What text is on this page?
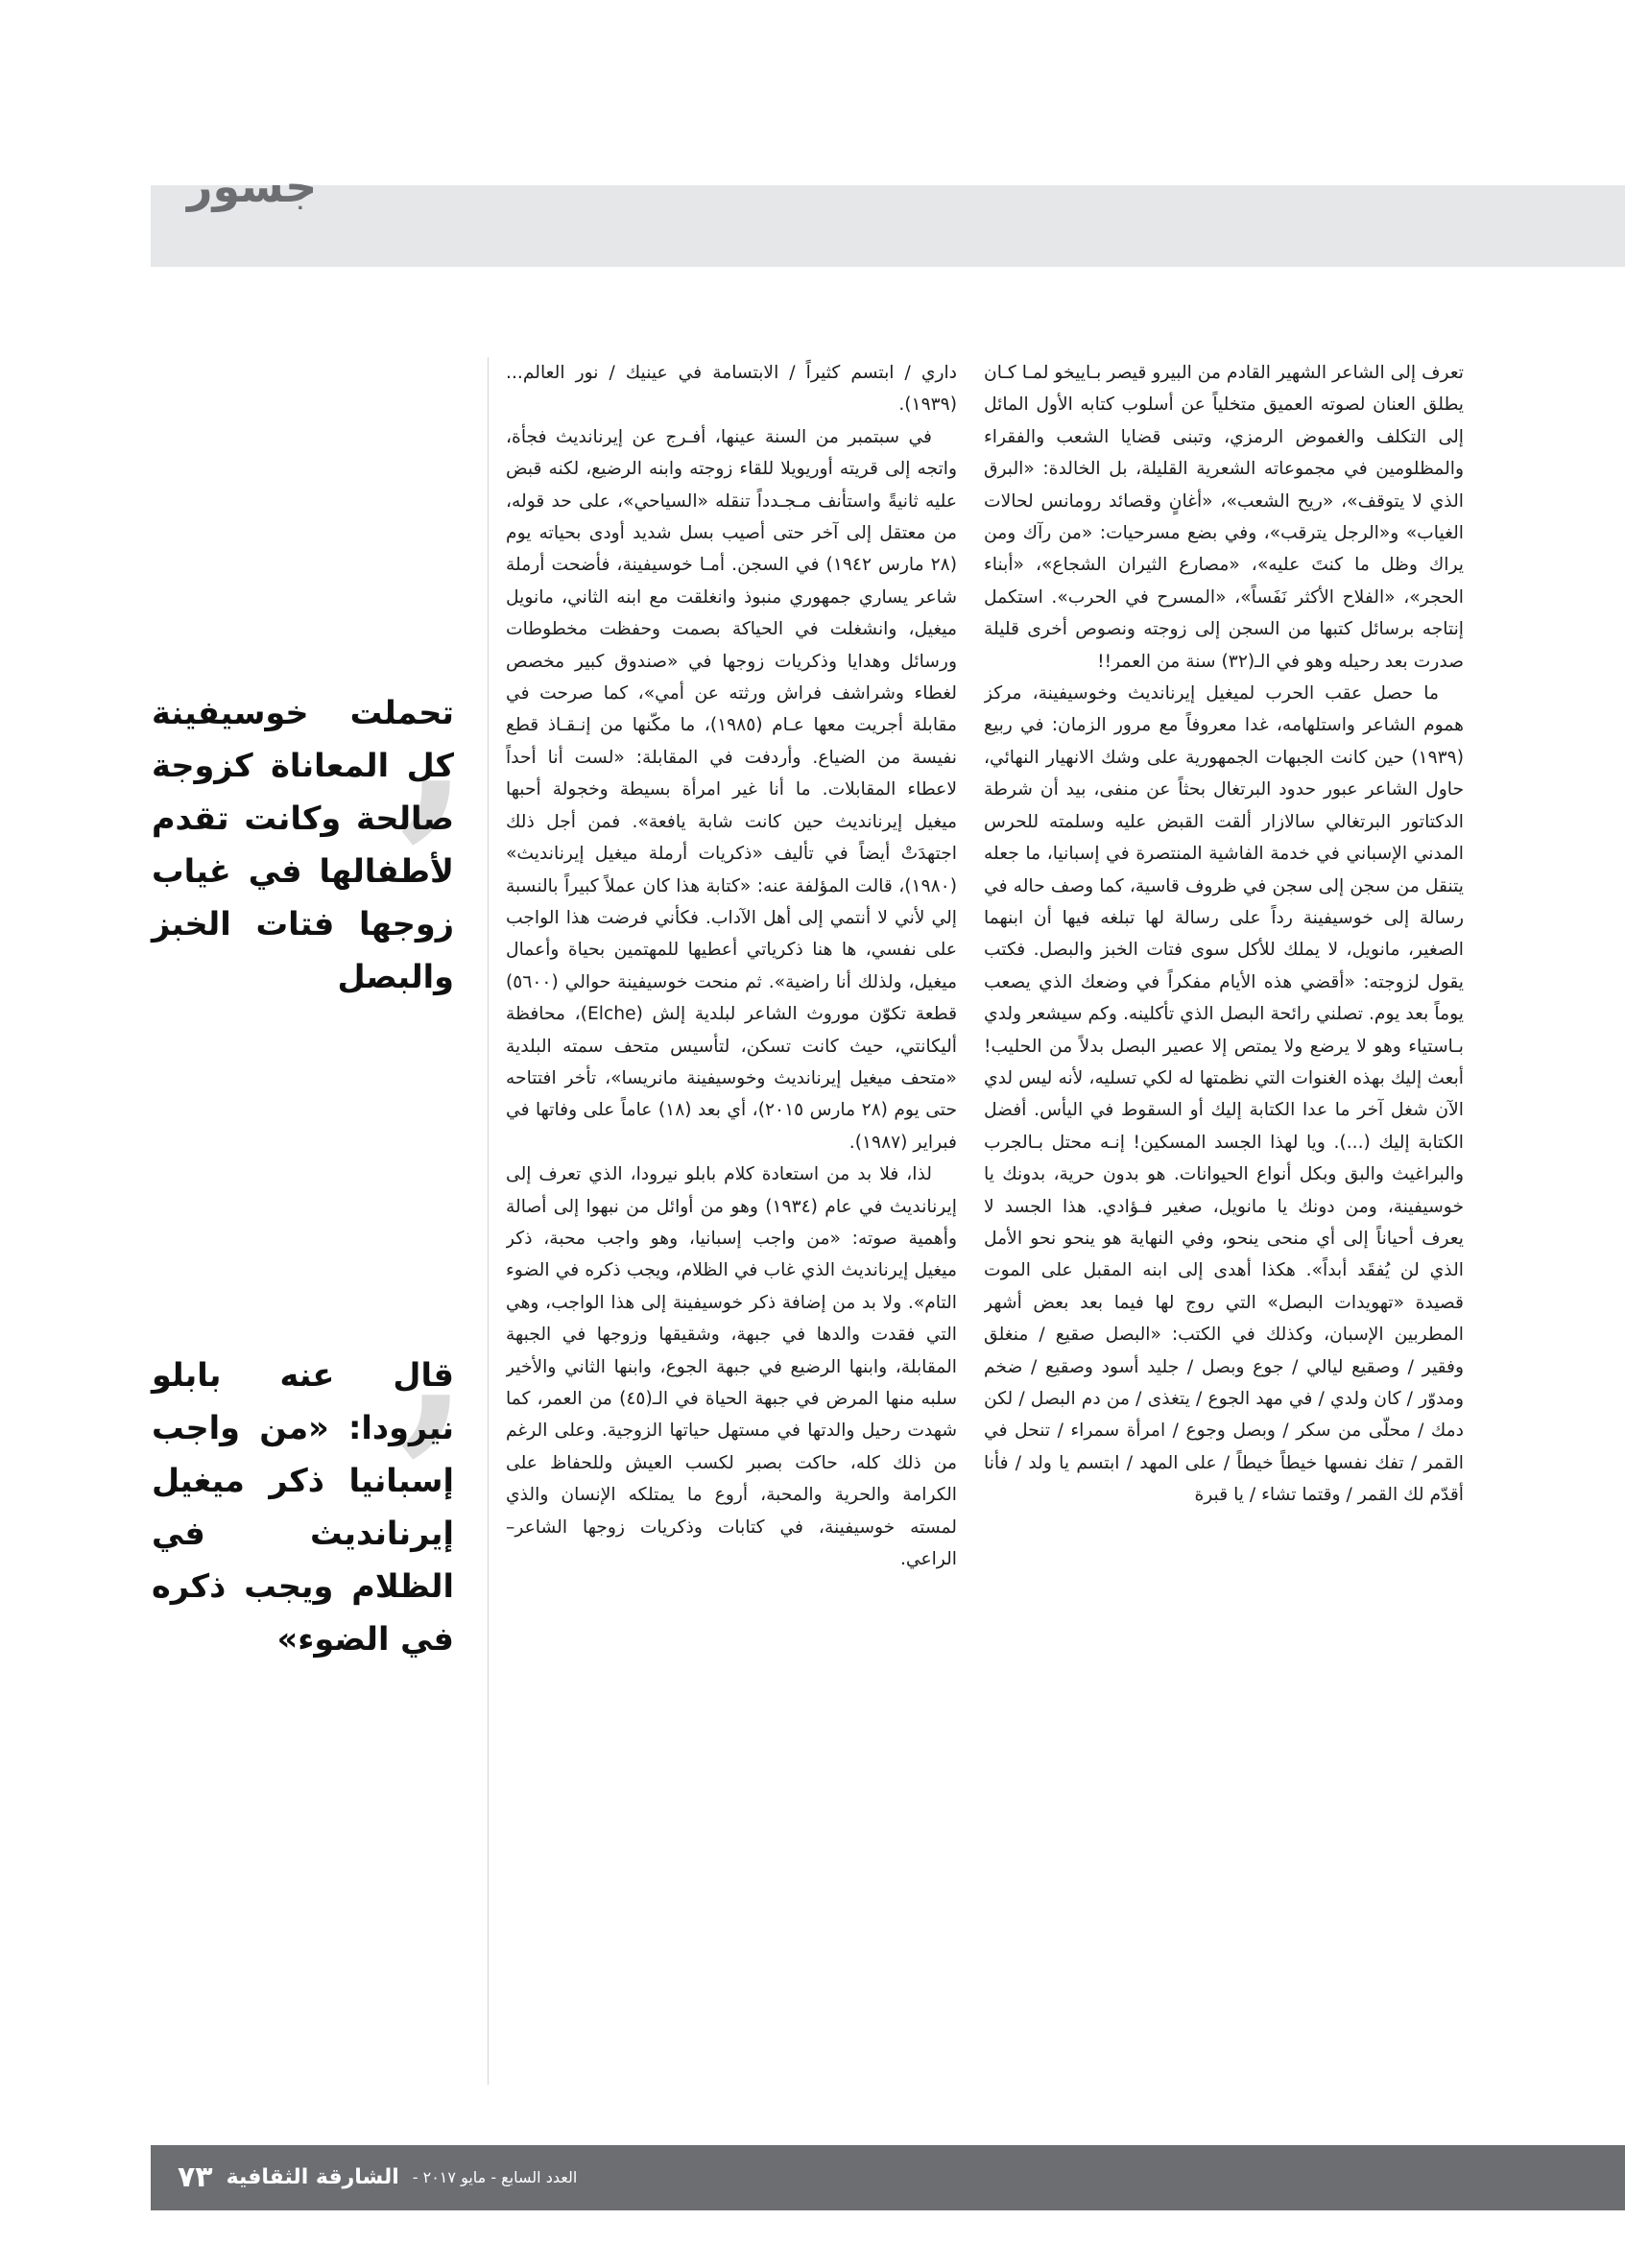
جسور

تعرف إلى الشاعر الشهير القادم من البيرو قيصر بـاييخو لمـا كـان يطلق العنان لصوته العميق متخلياً عن أسلوب كتابه الأول المائل إلى التكلف والغموض الرمزي، وتبنى قضايا الشعب والفقراء والمظلومين في مجموعاته الشعرية القليلة، بل الخالدة: «البرق الذي لا يتوقف»، «ريح الشعب»، «أغانٍ وقصائد رومانس لحالات الغياب» و«الرجل يترقب»، وفي بضع مسرحيات: «من رآك ومن يراك وظل ما كنتَ عليه»، «مصارع الثيران الشجاع»، «أبناء الحجر»، «الفلاح الأكثر نَفَساً»، «المسرح في الحرب». استكمل إنتاجه برسائل كتبها من السجن إلى زوجته ونصوص أخرى قليلة صدرت بعد رحيله وهو في الـ(٣٢) سنة من العمر!!

ما حصل عقب الحرب لميغيل إيرنانديث وخوسيفينة، مركز هموم الشاعر واستلهامه، غدا معروفاً مع مرور الزمان: في ربيع (١٩٣٩) حين كانت الجبهات الجمهورية على وشك الانهيار النهائي، حاول الشاعر عبور حدود البرتغال بحثاً عن منفى، بيد أن شرطة الدكتاتور البرتغالي سالازار ألقت القبض عليه وسلمته للحرس المدني الإسباني في خدمة الفاشية المنتصرة في إسبانيا، ما جعله يتنقل من سجن إلى سجن في ظروف قاسية، كما وصف حاله في رسالة إلى خوسيفينة رداً على رسالة لها تبلغه فيها أن ابنهما الصغير، مانويل، لا يملك للأكل سوى فتات الخبز والبصل. فكتب يقول لزوجته: «أقضي هذه الأيام مفكراً في وضعك الذي يصعب يوماً بعد يوم. تصلني رائحة البصل الذي تأكلينه. وكم سيشعر ولدي بـاستياء وهو لا يرضع ولا يمتص إلا عصير البصل بدلاً من الحليب! أبعث إليك بهذه الغنوات التي نظمتها له لكي تسليه، لأنه ليس لدي الآن شغل آخر ما عدا الكتابة إليك أو السقوط في اليأس. أفضل الكتابة إليك (...). ويا لهذا الجسد المسكين! إنـه محتل بـالجرب والبراغيث والبق وبكل أنواع الحيوانات. هو بدون حرية، بدونك يا خوسيفينة، ومن دونك يا مانويل، صغير فـؤادي. هذا الجسد لا يعرف أحياناً إلى أي منحى ينحو، وفي النهاية هو ينحو نحو الأمل الذي لن يُفقَد أبداً». هكذا أهدى إلى ابنه المقبل على الموت قصيدة «تهويدات البصل» التي روج لها فيما بعد بعض أشهر المطربين الإسبان، وكذلك في الكتب: «البصل صقيع / منغلق وفقير / وصقيع ليالي / جوع وبصل / جليد أسود وصقيع / ضخم ومدوّر / كان ولدي / في مهد الجوع / يتغذى / من دم البصل / لكن دمك / محلّى من سكر / وبصل وجوع / امرأة سمراء / تنحل في القمر / تفك نفسها خيطاً خيطاً / على المهد / ابتسم يا ولد / فأنا أقدّم لك القمر / وقتما تشاء / يا قبرة

داري / ابتسم كثيراً / الابتسامة في عينيك / نور العالم... (١٩٣٩).

في سبتمبر من السنة عينها، أفـرج عن إيرنانديث فجأة، واتجه إلى قريته أوريويلا للقاء زوجته وابنه الرضيع، لكنه قبض عليه ثانيةً واستأنف مـجـدداً تنقله «السياحي»، على حد قوله، من معتقل إلى آخر حتى أصيب بسل شديد أودى بحياته يوم (٢٨ مارس ١٩٤٢) في السجن. أمـا خوسيفينة، فأضحت أرملة شاعر يساري جمهوري منبوذ وانغلقت مع ابنه الثاني، مانويل ميغيل، وانشغلت في الحياكة بصمت وحفظت مخطوطات ورسائل وهدايا وذكريات زوجها في «صندوق كبير مخصص لغطاء وشراشف فراش ورثته عن أمي»، كما صرحت في مقابلة أجريت معها عـام (١٩٨٥)، ما مكّنها من إنـقـاذ قطع نفيسة من الضياع. وأردفت في المقابلة: «لست أنا أحداً لاعطاء المقابلات. ما أنا غير امرأة بسيطة وخجولة أحبها ميغيل إيرنانديث حين كانت شابة يافعة». فمن أجل ذلك اجتهدَتْ أيضاً في تأليف «ذكريات أرملة ميغيل إيرنانديث» (١٩٨٠)، قالت المؤلفة عنه: «كتابة هذا كان عملاً كبيراً بالنسبة إلي لأني لا أنتمي إلى أهل الآداب. فكأني فرضت هذا الواجب على نفسي، ها هنا ذكرياتي أعطيها للمهتمين بحياة وأعمال ميغيل، ولذلك أنا راضية». ثم منحت خوسيفينة حوالي (٥٦٠٠) قطعة تكوّن موروث الشاعر لبلدية إلش (Elche)، محافظة أليكانتي، حيث كانت تسكن، لتأسيس متحف سمته البلدية «متحف ميغيل إيرنانديث وخوسيفينة مانريسا»، تأخر افتتاحه حتى يوم (٢٨ مارس ٢٠١٥)، أي بعد (١٨) عاماً على وفاتها في فبراير (١٩٨٧).

لذا، فلا بد من استعادة كلام بابلو نيرودا، الذي تعرف إلى إيرنانديث في عام (١٩٣٤) وهو من أوائل من نبهوا إلى أصالة وأهمية صوته: «من واجب إسبانيا، وهو واجب محبة، ذكر ميغيل إيرنانديث الذي غاب في الظلام، ويجب ذكره في الضوء التام». ولا بد من إضافة ذكر خوسيفينة إلى هذا الواجب، وهي التي فقدت والدها في جبهة، وشقيقها وزوجها في الجبهة المقابلة، وابنها الرضيع في جبهة الجوع، وابنها الثاني والأخير سلبه منها المرض في جبهة الحياة في الـ(٤٥) من العمر، كما شهدت رحيل والدتها في مستهل حياتها الزوجية. وعلى الرغم من ذلك كله، حاكت بصبر لكسب العيش وللحفاظ على الكرامة والحرية والمحبة، أروع ما يمتلكه الإنسان والذي لمسته خوسيفينة، في كتابات وذكريات زوجها الشاعر– الراعي.

,
تحملت خوسيفينة كل المعاناة كزوجة صالحة وكانت تقدم لأطفالها في غياب زوجها فتات الخبز والبصل
,
قال عنه بابلو نيرودا: «من واجب إسبانيا ذكر ميغيل إيرنانديث في الظلام ويجب ذكره في الضوء»
٧٣ الشارقة الثقافية العدد السابع - مايو ٢٠١٧ -
